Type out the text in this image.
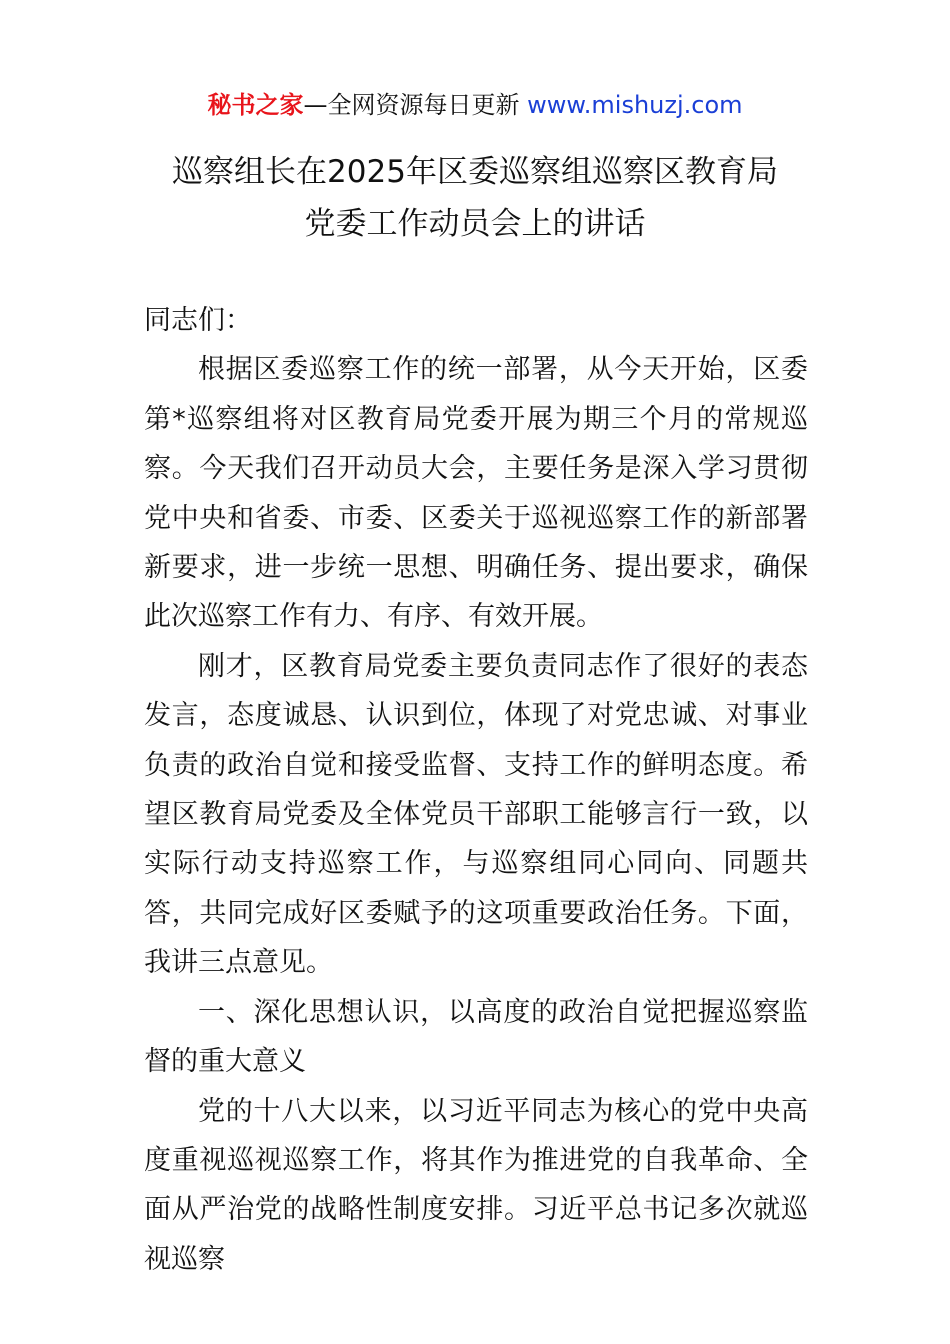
秘书之家—全网资源每日更新 www.mishuzj.com
巡察组长在2025年区委巡察组巡察区教育局
党委工作动员会上的讲话

同志们：

根据区委巡察工作的统一部署，从今天开始，区委第*巡察组将对区教育局党委开展为期三个月的常规巡察。今天我们召开动员大会，主要任务是深入学习贯彻党中央和省委、市委、区委关于巡视巡察工作的新部署新要求，进一步统一思想、明确任务、提出要求，确保此次巡察工作有力、有序、有效开展。

刚才，区教育局党委主要负责同志作了很好的表态发言，态度诚恳、认识到位，体现了对党忠诚、对事业负责的政治自觉和接受监督、支持工作的鲜明态度。希望区教育局党委及全体党员干部职工能够言行一致，以实际行动支持巡察工作，与巡察组同心同向、同题共答，共同完成好区委赋予的这项重要政治任务。下面，我讲三点意见。

一、深化思想认识，以高度的政治自觉把握巡察监督的重大意义

党的十八大以来，以习近平同志为核心的党中央高度重视巡视巡察工作，将其作为推进党的自我革命、全面从严治党的战略性制度安排。习近平总书记多次就巡视巡察
